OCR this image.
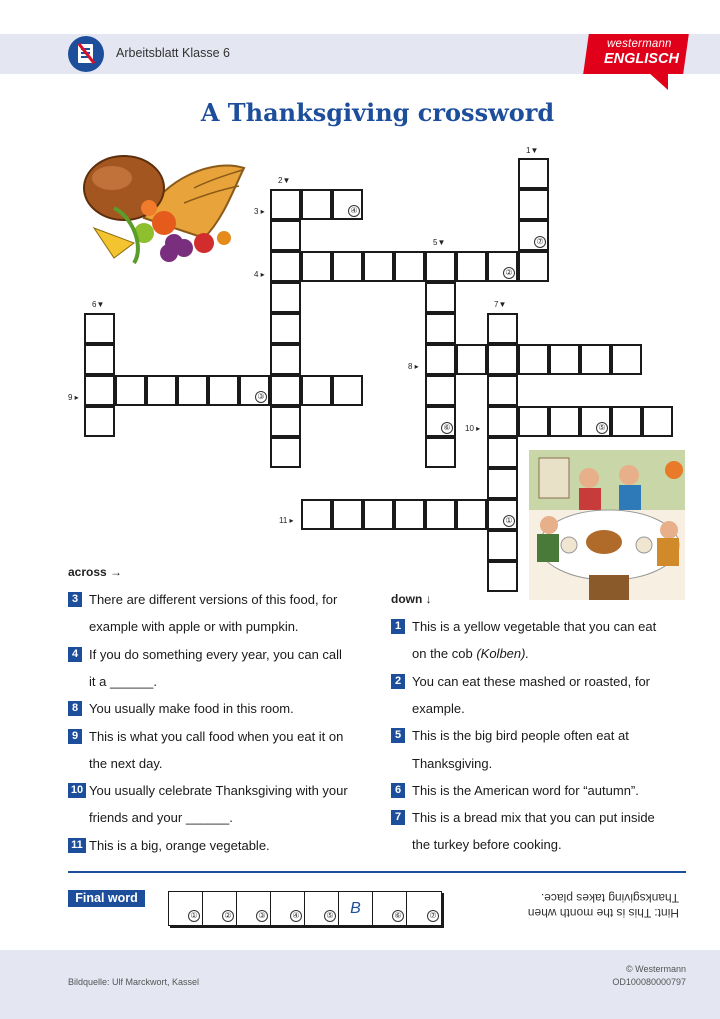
Arbeitsblatt Klasse 6
westermann
ENGLISCH
A Thanksgiving crossword
⑦
④
②
⑥
①
③
⑤
1▼
2▼
3 ▸
4 ▸
5▼
6▼	7▼
8 ▸
9 ▸
10 ▸
11 ▸
across →
3 There are different versions of this food, for
example with apple or with pumpkin.
4 If you do something every year, you can call
it a ______.
8 You usually make food in this room.
9 This is what you call food when you eat it on
the next day.
10 You usually celebrate Thanksgiving with your
friends and your ______.
11 This is a big, orange vegetable.
down ↓
1 This is a yellow vegetable that you can eat
on the cob (Kolben).
2 You can eat these mashed or roasted, for
example.
5 This is the big bird people often eat at
Thanksgiving.
6 This is the American word for “autumn”.
7 This is a bread mix that you can put inside
the turkey before cooking.
Final word
①	②	③	④	⑤	B	⑥	⑦	Hint: This is the month when
Thanksgiving takes place.
Bildquelle: Ulf Marckwort, Kassel
© Westermann
OD100080000797
